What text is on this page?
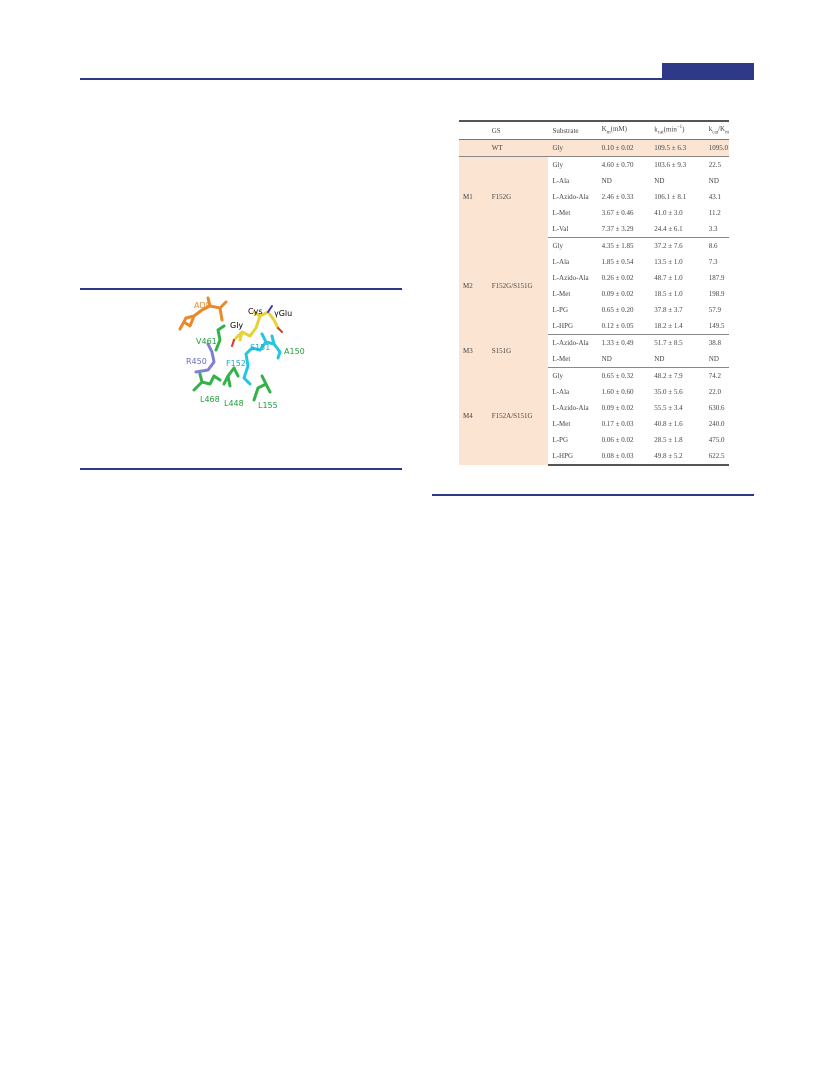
ADP
Cys γGlu
Gly
V461
S151 A150
R450 F152
L468 L448 L155
	GS	Substrate	$K_m(mM)$	$k_{cat}(\min^{-1})$	$k_{cat}/K_m$
	WT	Gly	0.10 ± 0.02	109.5 ± 6.3	1095.0
M1	F152G	Gly	4.60 ± 0.70	103.6 ± 9.3	22.5
		L-Ala	ND	ND	ND
		L-Azido-Ala	2.46 ± 0.33	106.1 ± 8.1	43.1
		L-Met	3.67 ± 0.46	41.0 ± 3.0	11.2
		L-Val	7.37 ± 3.29	24.4 ± 6.1	3.3
M2	F152G/S151G	Gly	4.35 ± 1.85	37.2 ± 7.6	8.6
		L-Ala	1.85 ± 0.54	13.5 ± 1.0	7.3
		L-Azido-Ala	0.26 ± 0.02	48.7 ± 1.0	187.9
		L-Met	0.09 ± 0.02	18.5 ± 1.0	198.9
		L-PG	0.65 ± 0.20	37.8 ± 3.7	57.9
		L-HPG	0.12 ± 0.05	18.2 ± 1.4	149.5
M3	S151G	L-Azido-Ala	1.33 ± 0.49	51.7 ± 8.5	38.8
		L-Met	ND	ND	ND
M4	F152A/S151G	Gly	0.65 ± 0.32	48.2 ± 7.9	74.2
		L-Ala	1.60 ± 0.60	35.0 ± 5.6	22.0
		L-Azido-Ala	0.09 ± 0.02	55.5 ± 3.4	630.6
		L-Met	0.17 ± 0.03	40.8 ± 1.6	240.0
		L-PG	0.06 ± 0.02	28.5 ± 1.8	475.0
		L-HPG	0.08 ± 0.03	49.8 ± 5.2	622.5
